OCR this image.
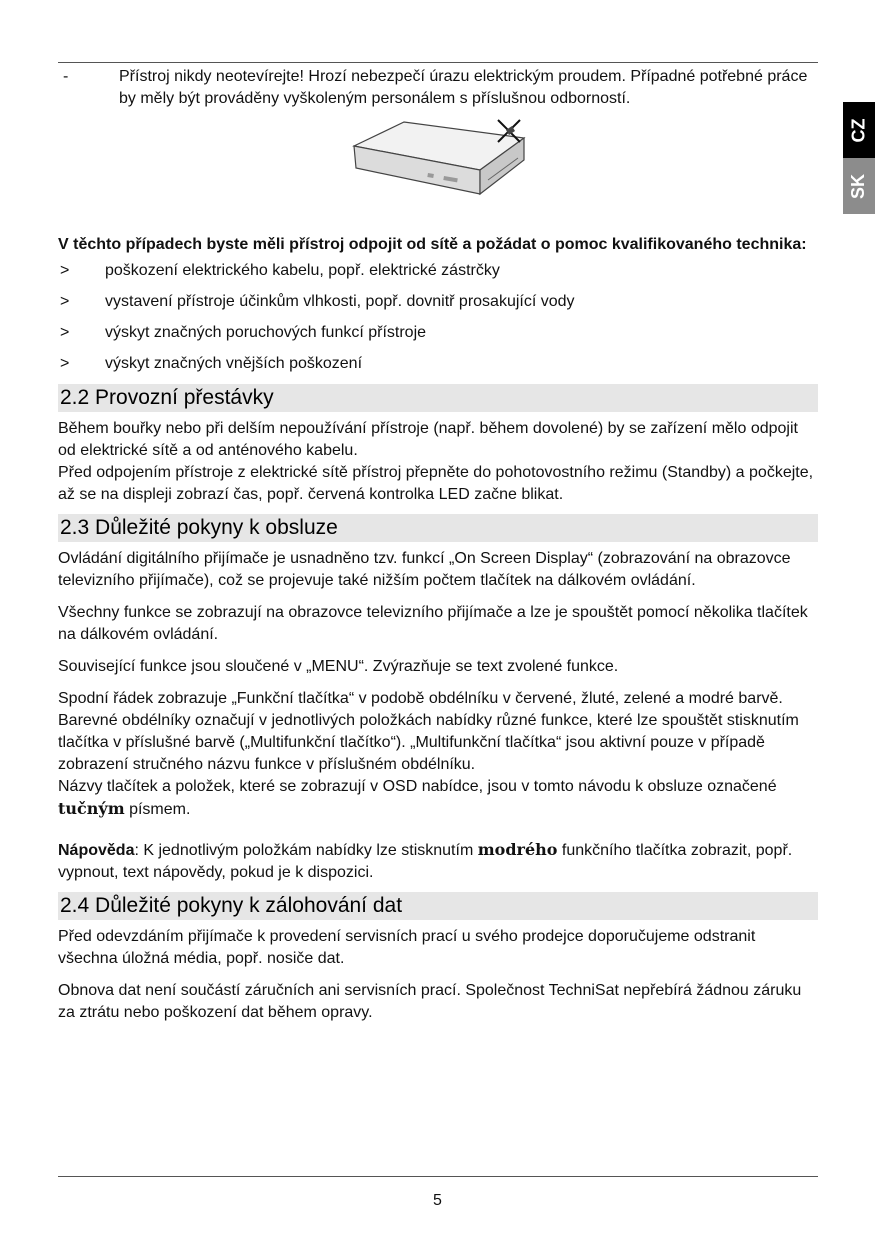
CZ
SK
-	Přístroj nikdy neotevírejte! Hrozí nebezpečí úrazu elektrickým proudem. Případné potřebné práce by měly být prováděny vyškoleným personálem s příslušnou odborností.

V těchto případech byste měli přístroj odpojit od sítě a požádat o pomoc kvalifikovaného technika:

>	poškození elektrického kabelu, popř. elektrické zástrčky
>	vystavení přístroje účinkům vlhkosti, popř. dovnitř prosakující vody
>	výskyt značných poruchových funkcí přístroje
>	výskyt značných vnějších poškození
2.2 Provozní přestávky

Během bouřky nebo při delším nepoužívání přístroje (např. během dovolené) by se zařízení mělo odpojit od elektrické sítě a od anténového kabelu.

Před odpojením přístroje z elektrické sítě přístroj přepněte do pohotovostního režimu (Standby) a počkejte, až se na displeji zobrazí čas, popř. červená kontrolka LED začne blikat.

2.3 Důležité pokyny k obsluze

Ovládání digitálního přijímače je usnadněno tzv. funkcí „On Screen Display“ (zobrazování na obrazovce televizního přijímače), což se projevuje také nižším počtem tlačítek na dálkovém ovládání.

Všechny funkce se zobrazují na obrazovce televizního přijímače a lze je spouštět pomocí několika tlačítek na dálkovém ovládání.

Související funkce jsou sloučené v „MENU“. Zvýrazňuje se text zvolené funkce.

Spodní řádek zobrazuje „Funkční tlačítka“ v podobě obdélníku v červené, žluté, zelené a modré barvě. Barevné obdélníky označují v jednotlivých položkách nabídky různé funkce, které lze spouštět stisknutím tlačítka v příslušné barvě („Multifunkční tlačítko“). „Multifunkční tlačítka“ jsou aktivní pouze v případě zobrazení stručného názvu funkce v příslušném obdélníku.

Názvy tlačítek a položek, které se zobrazují v OSD nabídce, jsou v tomto návodu k obsluze označené tučným písmem.

Nápověda: K jednotlivým položkám nabídky lze stisknutím modrého funkčního tlačítka zobrazit, popř. vypnout, text nápovědy, pokud je k dispozici.

2.4 Důležité pokyny k zálohování dat

Před odevzdáním přijímače k provedení servisních prací u svého prodejce doporučujeme odstranit všechna úložná média, popř. nosiče dat.

Obnova dat není součástí záručních ani servisních prací. Společnost TechniSat nepřebírá žádnou záruku za ztrátu nebo poškození dat během opravy.

5
